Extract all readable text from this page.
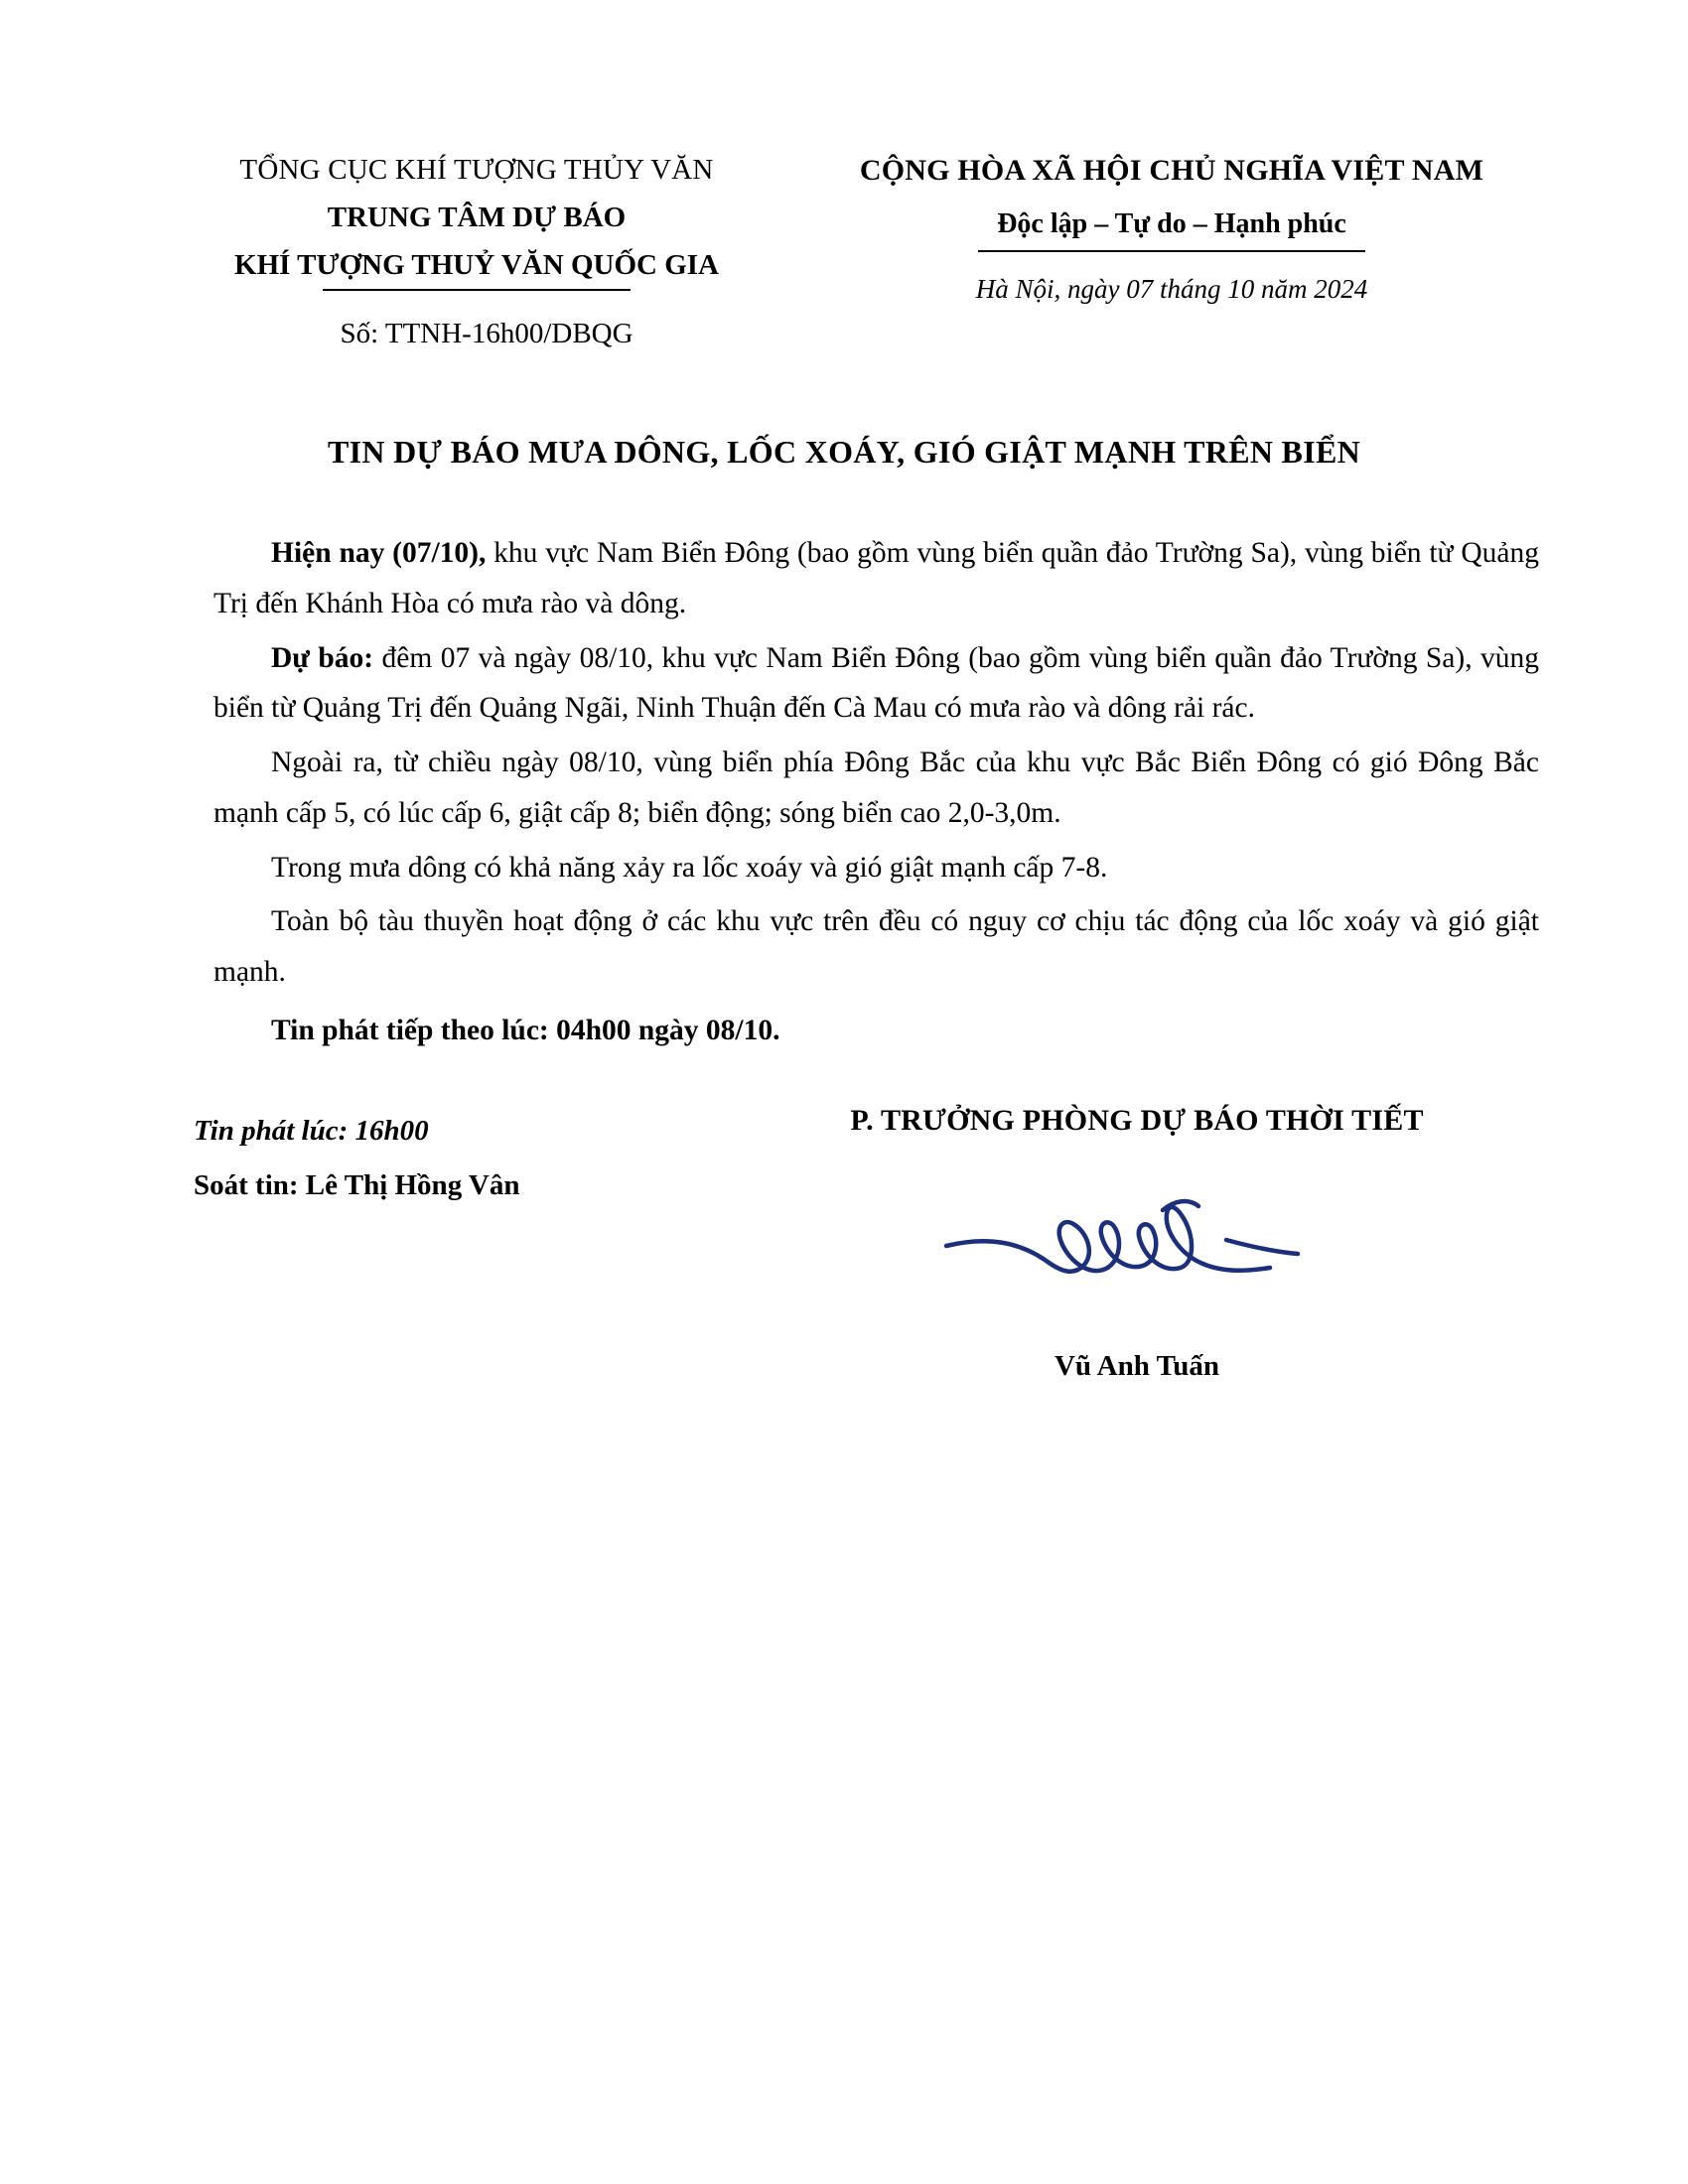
TỔNG CỤC KHÍ TƯỢNG THỦY VĂN
TRUNG TÂM DỰ BÁO
KHÍ TƯỢNG THUỶ VĂN QUỐC GIA
Số: TTNH-16h00/DBQG
CỘNG HÒA XÃ HỘI CHỦ NGHĨA VIỆT NAM
Độc lập – Tự do – Hạnh phúc
Hà Nội, ngày 07 tháng 10 năm 2024
TIN DỰ BÁO MƯA DÔNG, LỐC XOÁY, GIÓ GIẬT MẠNH TRÊN BIỂN

Hiện nay (07/10), khu vực Nam Biển Đông (bao gồm vùng biển quần đảo Trường Sa), vùng biển từ Quảng Trị đến Khánh Hòa có mưa rào và dông.

Dự báo: đêm 07 và ngày 08/10, khu vực Nam Biển Đông (bao gồm vùng biển quần đảo Trường Sa), vùng biển từ Quảng Trị đến Quảng Ngãi, Ninh Thuận đến Cà Mau có mưa rào và dông rải rác.

Ngoài ra, từ chiều ngày 08/10, vùng biển phía Đông Bắc của khu vực Bắc Biển Đông có gió Đông Bắc mạnh cấp 5, có lúc cấp 6, giật cấp 8; biển động; sóng biển cao 2,0-3,0m.

Trong mưa dông có khả năng xảy ra lốc xoáy và gió giật mạnh cấp 7-8.

Toàn bộ tàu thuyền hoạt động ở các khu vực trên đều có nguy cơ chịu tác động của lốc xoáy và gió giật mạnh.

Tin phát tiếp theo lúc: 04h00 ngày 08/10.

Tin phát lúc: 16h00
Soát tin: Lê Thị Hồng Vân
P. TRƯỞNG PHÒNG DỰ BÁO THỜI TIẾT
Vũ Anh Tuấn
